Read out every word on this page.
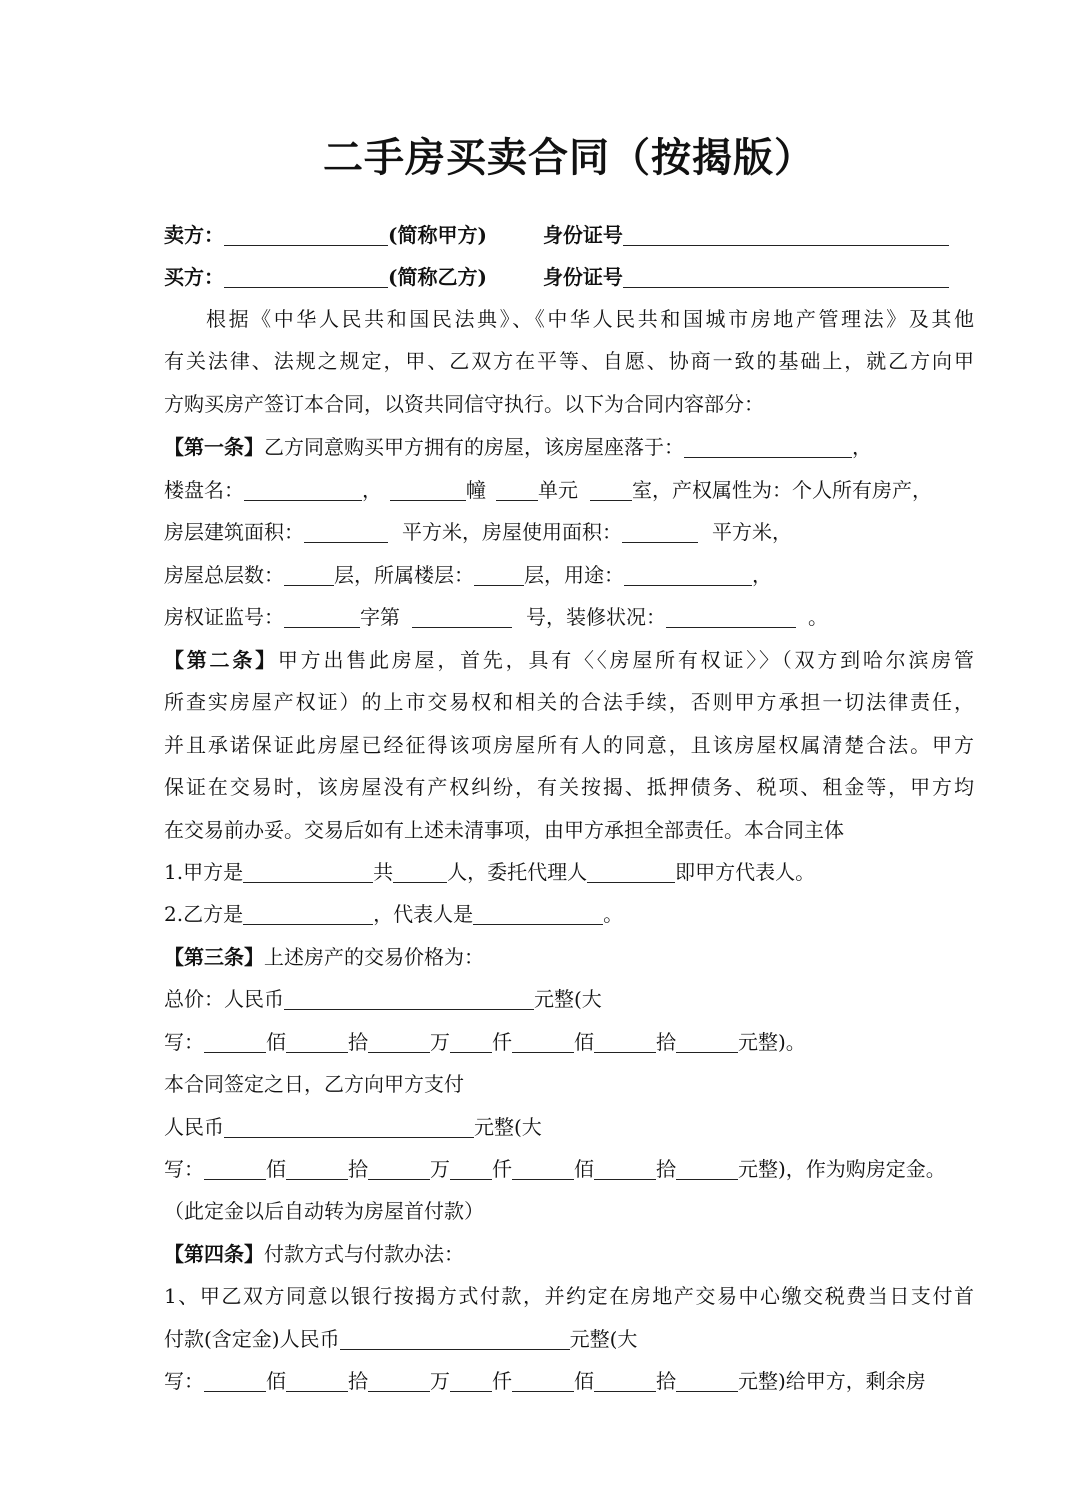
二手房买卖合同（按揭版）
卖方：	(简称甲方)	身份证号
买方：	(简称乙方)	身份证号
根据《中华人民共和国民法典》、《中华人民共和国城市房地产管理法》及其他
有关法律、法规之规定，甲、乙双方在平等、自愿、协商一致的基础上，就乙方向甲
方购买房产签订本合同，以资共同信守执行。以下为合同内容部分：
【第一条】乙方同意购买甲方拥有的房屋，该房屋座落于：	，
楼盘名：	，	幢	单元	室，产权属性为：个人所有房产，
房层建筑面积：	平方米，房屋使用面积：	平方米，
房屋总层数：	层，所属楼层：	层，用途：	，
房权证监号：	字第	号，装修状况：	。
【第二条】甲方出售此房屋，首先，具有〈〈房屋所有权证〉〉（双方到哈尔滨房管
所查实房屋产权证）的上市交易权和相关的合法手续，否则甲方承担一切法律责任，
并且承诺保证此房屋已经征得该项房屋所有人的同意，且该房屋权属清楚合法。甲方
保证在交易时，该房屋没有产权纠纷，有关按揭、抵押债务、税项、租金等，甲方均
在交易前办妥。交易后如有上述未清事项，由甲方承担全部责任。本合同主体
1.甲方是	共	人，委托代理人	即甲方代表人。
2.乙方是	，代表人是	。
【第三条】上述房产的交易价格为：
总价：人民币	元整(大
写：	佰	拾	万 仟	佰	拾	元整)。
本合同签定之日，乙方向甲方支付
人民币	元整(大
写：	佰	拾	万 仟	佰	拾	元整)，作为购房定金。
（此定金以后自动转为房屋首付款）
【第四条】付款方式与付款办法：
1、甲乙双方同意以银行按揭方式付款，并约定在房地产交易中心缴交税费当日支付首
付款(含定金)人民币	元整(大
写：	佰	拾	万 仟	佰	拾	元整)给甲方，剩余房
